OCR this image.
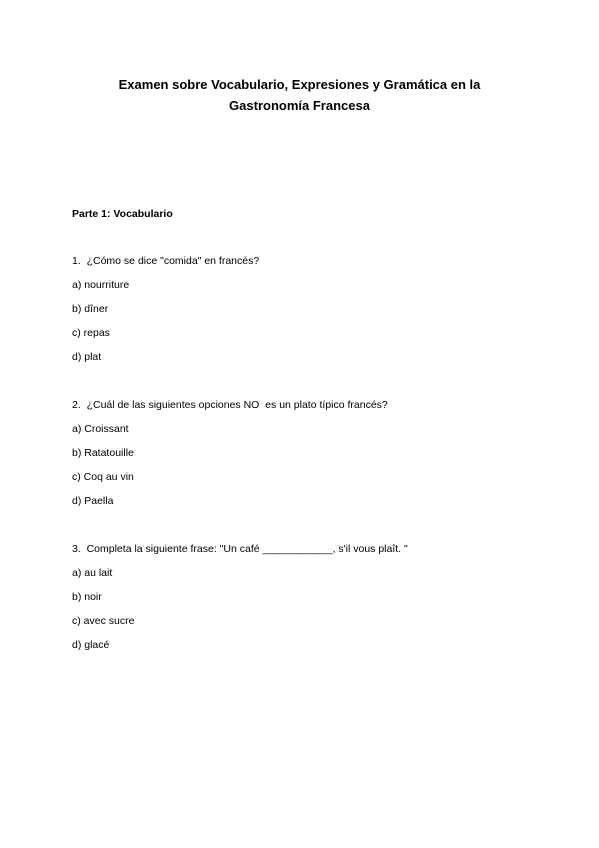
Examen sobre Vocabulario, Expresiones y Gramática en la
Gastronomía Francesa
Parte 1: Vocabulario
1.  ¿Cómo se dice "comida" en francés?
a) nourriture
b) dîner
c) repas
d) plat
2.  ¿Cuál de las siguientes opciones NO  es un plato típico francés?
a) Croissant
b) Ratatouille
c) Coq au vin
d) Paella
3.  Completa la siguiente frase: "Un café ____________, s'il vous plaît. "
a) au lait
b) noir
c) avec sucre
d) glacé
